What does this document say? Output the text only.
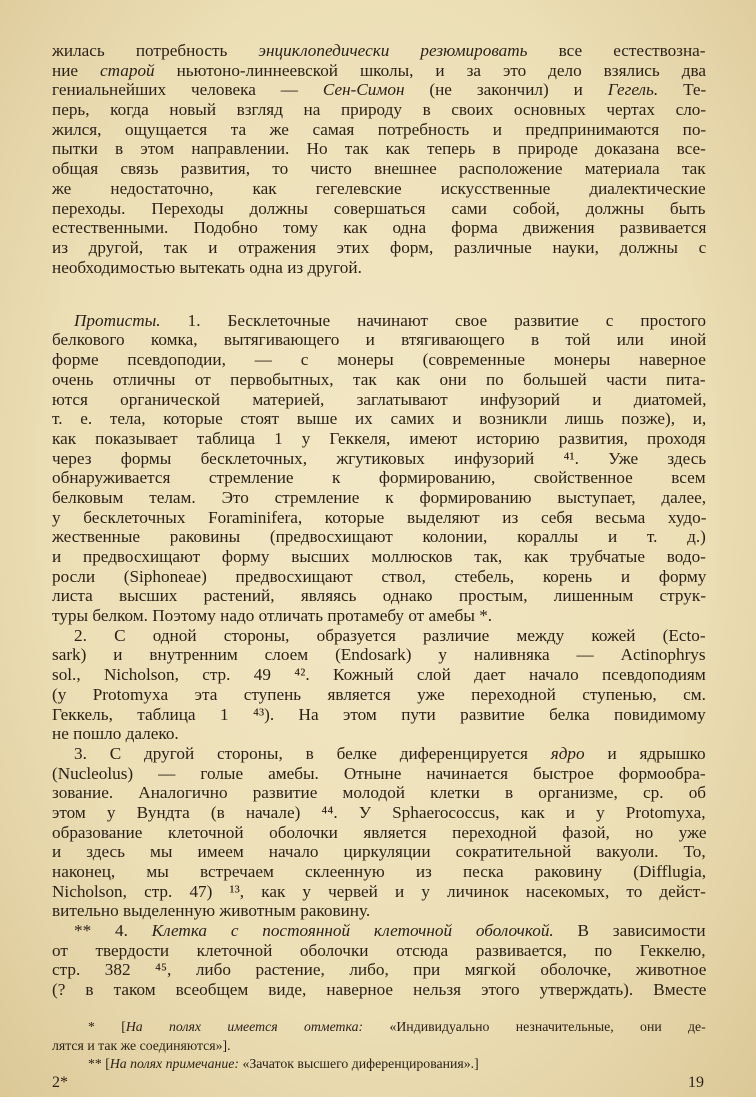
жилась потребность энциклопедически резюмировать все естествозна-
ние старой ньютоно-линнеевской школы, и за это дело взялись два
гениальнейших человека — Сен-Симон (не закончил) и Гегель. Те-
перь, когда новый взгляд на природу в своих основных чертах сло-
жился, ощущается та же самая потребность и предпринимаются по-
пытки в этом направлении. Но так как теперь в природе доказана все-
общая связь развития, то чисто внешнее расположение материала так
же недостаточно, как гегелевские искусственные диалектические
переходы. Переходы должны совершаться сами собой, должны быть
естественными. Подобно тому как одна форма движения развивается
из другой, так и отражения этих форм, различные науки, должны с
необходимостью вытекать одна из другой.
Протисты. 1. Бесклеточные начинают свое развитие с простого
белкового комка, вытягивающего и втягивающего в той или иной
форме псевдоподии, — с монеры (современные монеры наверное
очень отличны от первобытных, так как они по большей части пита-
ются органической материей, заглатывают инфузорий и диатомей,
т. е. тела, которые стоят выше их самих и возникли лишь позже), и,
как показывает таблица 1 у Геккеля, имеют историю развития, проходя
через формы бесклеточных, жгутиковых инфузорий ⁴¹. Уже здесь
обнаруживается стремление к формированию, свойственное всем
белковым телам. Это стремление к формированию выступает, далее,
у бесклеточных Foraminifera, которые выделяют из себя весьма худо-
жественные раковины (предвосхищают колонии, кораллы и т. д.)
и предвосхищают форму высших моллюсков так, как трубчатые водо-
росли (Siphoneae) предвосхищают ствол, стебель, корень и форму
листа высших растений, являясь однако простым, лишенным струк-
туры белком. Поэтому надо отличать протамебу от амебы *.
2. С одной стороны, образуется различие между кожей (Ecto-
sark) и внутренним слоем (Endosark) у наливняка — Actinophrys
sol., Nicholson, стр. 49 ⁴². Кожный слой дает начало псевдоподиям
(у Protomyxa эта ступень является уже переходной ступенью, см.
Геккель, таблица 1 ⁴³). На этом пути развитие белка повидимому
не пошло далеко.
3. С другой стороны, в белке диференцируется ядро и ядрышко
(Nucleolus) — голые амебы. Отныне начинается быстрое формообра-
зование. Аналогично развитие молодой клетки в организме, ср. об
этом у Вундта (в начале) ⁴⁴. У Sphaerococcus, как и у Protomyxa,
образование клеточной оболочки является переходной фазой, но уже
и здесь мы имеем начало циркуляции сократительной вакуоли. То,
наконец, мы встречаем склеенную из песка раковину (Difflugia,
Nicholson, стр. 47) ¹³, как у червей и у личинок насекомых, то дейст-
вительно выделенную животным раковину.
** 4. Клетка с постоянной клеточной оболочкой. В зависимости
от твердости клеточной оболочки отсюда развивается, по Геккелю,
стр. 382 ⁴⁵, либо растение, либо, при мягкой оболочке, животное
(? в таком всеобщем виде, наверное нельзя этого утверждать). Вместе
* [На полях имеется отметка: «Индивидуально незначительные, они де-
лятся и так же соединяются»].
** [На полях примечание: «Зачаток высшего диференцирования».]
2*	19
